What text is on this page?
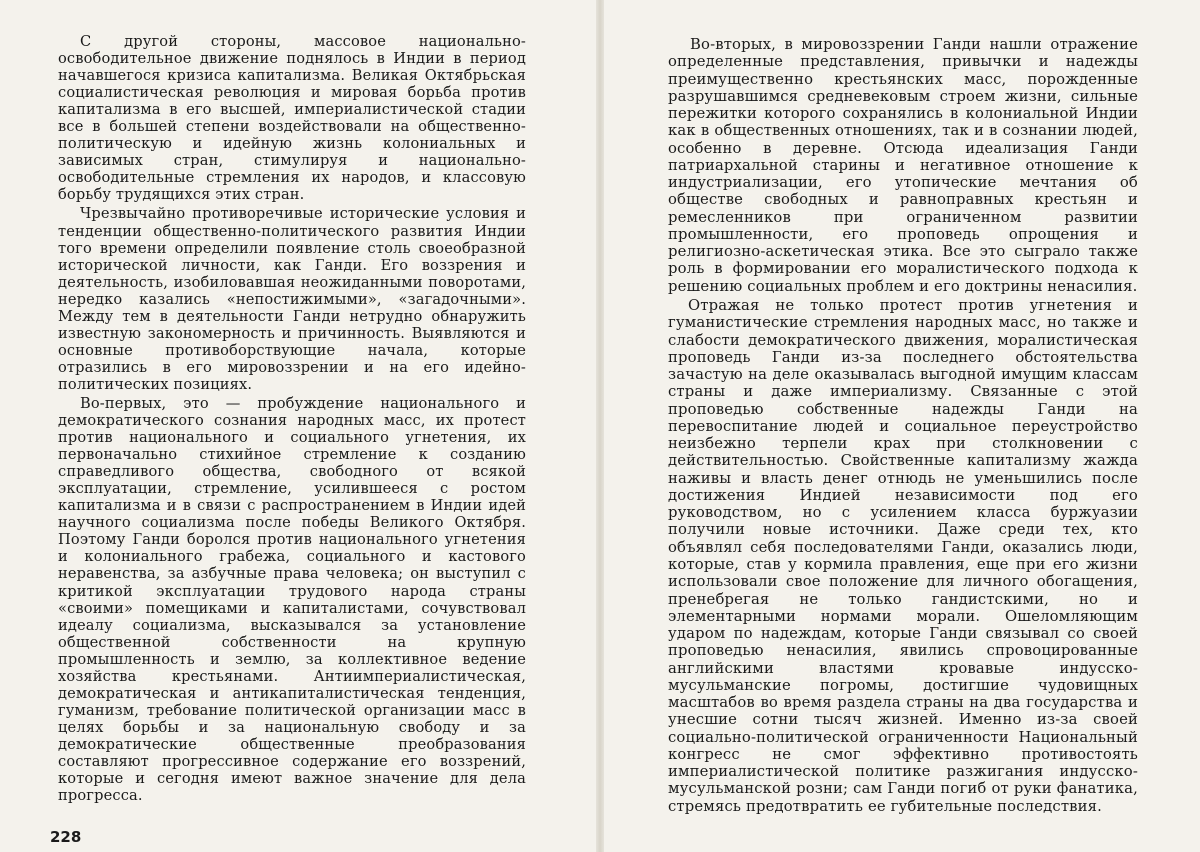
С другой стороны, массовое национально-освободительное движение поднялось в Индии в период начавшегося кризиса капитализма. Великая Октябрьская социалистическая революция и мировая борьба против капитализма в его высшей, империалистической стадии все в большей степени воздействовали на общественно-политическую и идейную жизнь колониальных и зависимых стран, стимулируя и национально-освободительные стремления их народов, и классовую борьбу трудящихся этих стран.

Чрезвычайно противоречивые исторические условия и тенденции общественно-политического развития Индии того времени определили появление столь своеобразной исторической личности, как Ганди. Его воззрения и деятельность, изобиловавшая неожиданными поворотами, нередко казались «непостижимыми», «загадочными». Между тем в деятельности Ганди нетрудно обнаружить известную закономерность и причинность. Выявляются и основные противоборствующие начала, которые отразились в его мировоззрении и на его идейно-политических позициях.

Во-первых, это — пробуждение национального и демократического сознания народных масс, их протест против национального и социального угнетения, их первоначально стихийное стремление к созданию справедливого общества, свободного от всякой эксплуатации, стремление, усилившееся с ростом капитализма и в связи с распространением в Индии идей научного социализма после победы Великого Октября. Поэтому Ганди боролся против национального угнетения и колониального грабежа, социального и кастового неравенства, за азбучные права человека; он выступил с критикой эксплуатации трудового народа страны «своими» помещиками и капиталистами, сочувствовал идеалу социализма, высказывался за установление общественной собственности на крупную промышленность и землю, за коллективное ведение хозяйства крестьянами. Антиимпериалистическая, демократическая и антикапиталистическая тенденция, гуманизм, требование политической организации масс в целях борьбы и за национальную свободу и за демократические общественные преобразования составляют прогрессивное содержание его воззрений, которые и сегодня имеют важное значение для дела прогресса.

228

Во-вторых, в мировоззрении Ганди нашли отражение определенные представления, привычки и надежды преимущественно крестьянских масс, порожденные разрушавшимся средневековым строем жизни, сильные пережитки которого сохранялись в колониальной Индии как в общественных отношениях, так и в сознании людей, особенно в деревне. Отсюда идеализация Ганди патриархальной старины и негативное отношение к индустриализации, его утопические мечтания об обществе свободных и равноправных крестьян и ремесленников при ограниченном развитии промышленности, его проповедь опрощения и религиозно-аскетическая этика. Все это сыграло также роль в формировании его моралистического подхода к решению социальных проблем и его доктрины ненасилия.

Отражая не только протест против угнетения и гуманистические стремления народных масс, но также и слабости демократического движения, моралистическая проповедь Ганди из-за последнего обстоятельства зачастую на деле оказывалась выгодной имущим классам страны и даже империализму. Связанные с этой проповедью собственные надежды Ганди на перевоспитание людей и социальное переустройство неизбежно терпели крах при столкновении с действительностью. Свойственные капитализму жажда наживы и власть денег отнюдь не уменьшились после достижения Индией независимости под его руководством, но с усилением класса буржуазии получили новые источники. Даже среди тех, кто объявлял себя последователями Ганди, оказались люди, которые, став у кормила правления, еще при его жизни использовали свое положение для личного обогащения, пренебрегая не только гандистскими, но и элементарными нормами морали. Ошеломляющим ударом по надеждам, которые Ганди связывал со своей проповедью ненасилия, явились спровоцированные английскими властями кровавые индусско-мусульманские погромы, достигшие чудовищных масштабов во время раздела страны на два государства и унесшие сотни тысяч жизней. Именно из-за своей социально-политической ограниченности Национальный конгресс не смог эффективно противостоять империалистической политике разжигания индусско-мусульманской розни; сам Ганди погиб от руки фанатика, стремясь предотвратить ее губительные последствия.
